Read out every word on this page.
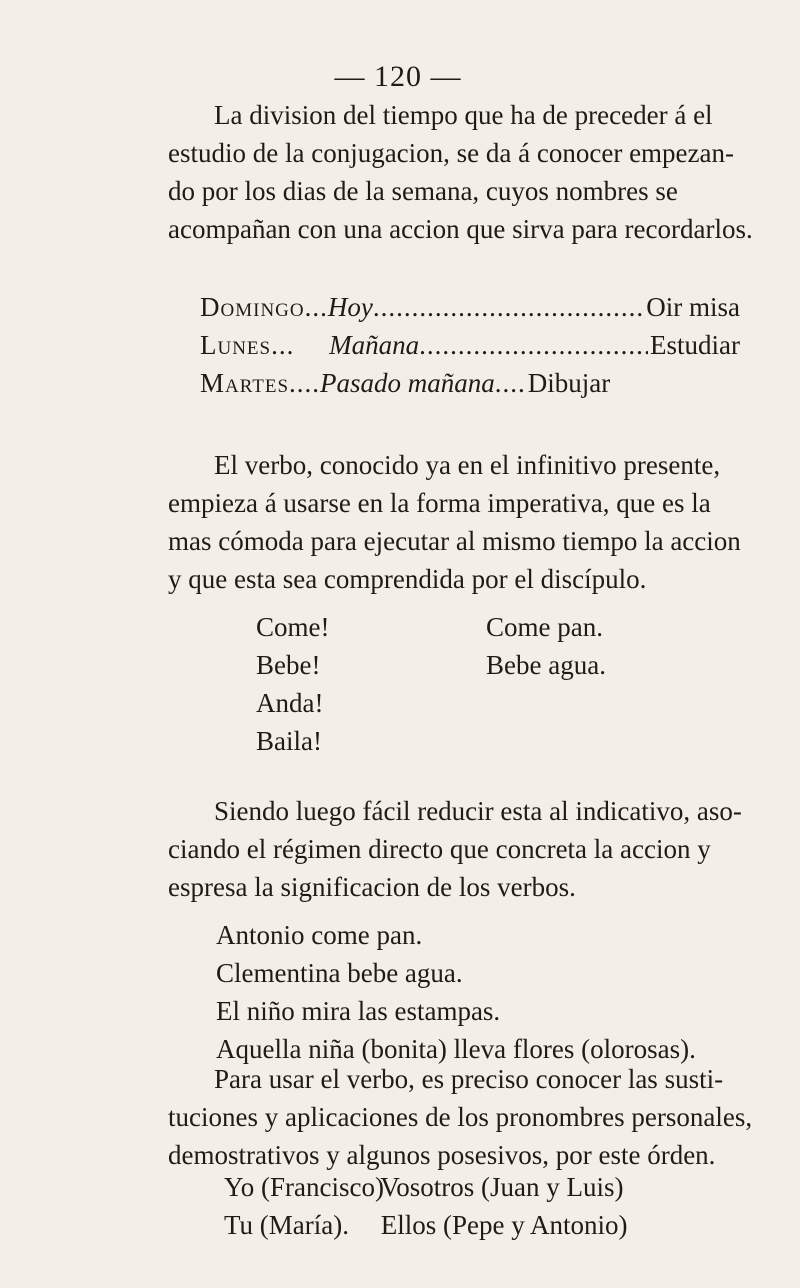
— 120 —

La division del tiempo que ha de preceder á el
estudio de la conjugacion, se da á conocer empezan-
do por los dias de la semana, cuyos nombres se
acompañan con una accion que sirva para recordarlos.

Domingo ... Hoy .....	Oir misa
Lunes ... Mañana .....	Estudiar
Martes .... Pasado mañana .... Dibujar

El verbo, conocido ya en el infinitivo presente,
empieza á usarse en la forma imperativa, que es la
mas cómoda para ejecutar al mismo tiempo la accion
y que esta sea comprendida por el discípulo.

Come!
Bebe!
Anda!
Baila!
Come pan.
Bebe agua.

Siendo luego fácil reducir esta al indicativo, aso-
ciando el régimen directo que concreta la accion y
espresa la significacion de los verbos.

Antonio come pan.
Clementina bebe agua.
El niño mira las estampas.
Aquella niña (bonita) lleva flores (olorosas).

Para usar el verbo, es preciso conocer las susti-
tuciones y aplicaciones de los pronombres personales,
demostrativos y algunos posesivos, por este órden.

Yo (Francisco) Vosotros (Juan y Luis)
Tu (María). Ellos (Pepe y Antonio)
